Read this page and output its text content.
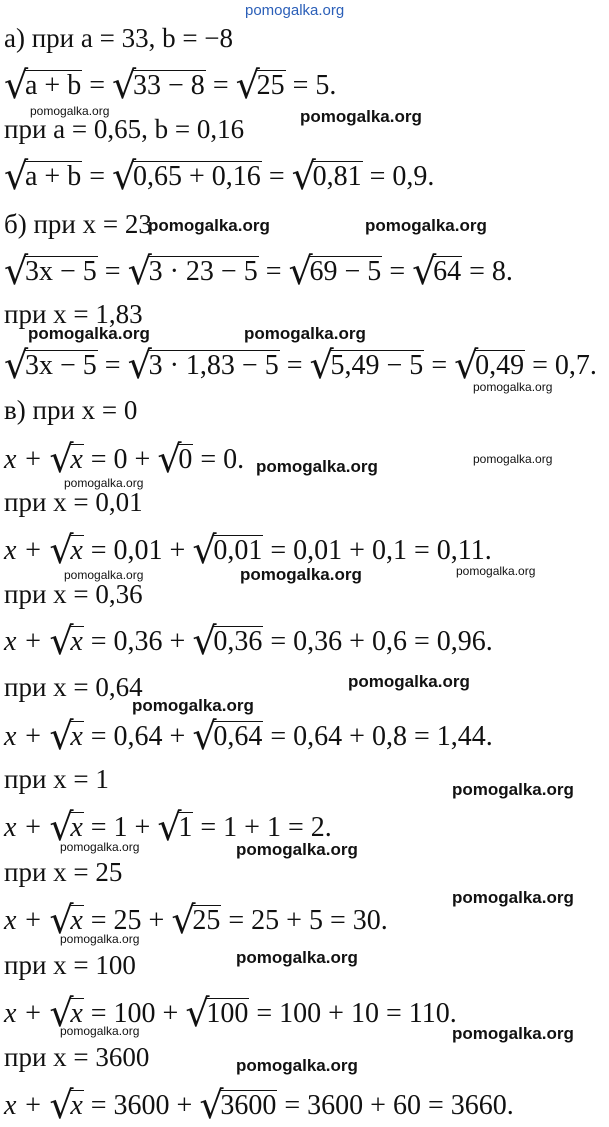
pomogalka.org
а) при a = 33, b = −8
√ a + b = √ 33 − 8 = √ 25 = 5.
при a = 0,65, b = 0,16
√ a + b = √ 0,65 + 0,16 = √ 0,81 = 0,9.
б) при x = 23
√ 3x − 5 = √ 3 · 23 − 5 = √ 69 − 5 = √ 64 = 8.
при x = 1,83
√ 3x − 5 = √ 3 · 1,83 − 5 = √ 5,49 − 5 = √ 0,49 = 0,7.
в) при x = 0
x + √ x = 0 + √ 0 = 0.
при x = 0,01
x + √ x = 0,01 + √ 0,01 = 0,01 + 0,1 = 0,11.
при x = 0,36
x + √ x = 0,36 + √ 0,36 = 0,36 + 0,6 = 0,96.
при x = 0,64
x + √ x = 0,64 + √ 0,64 = 0,64 + 0,8 = 1,44.
при x = 1
x + √ x = 1 + √ 1 = 1 + 1 = 2.
при x = 25
x + √ x = 25 + √ 25 = 25 + 5 = 30.
при x = 100
x + √ x = 100 + √ 100 = 100 + 10 = 110.
при x = 3600
x + √ x = 3600 + √ 3600 = 3600 + 60 = 3660.
pomogalka.org	pomogalka.org
pomogalka.org	pomogalka.org
pomogalka.org	pomogalka.org
pomogalka.org
pomogalka.org	pomogalka.org
pomogalka.org
pomogalka.org	pomogalka.org	pomogalka.org
pomogalka.org
pomogalka.org
pomogalka.org
pomogalka.org	pomogalka.org
pomogalka.org
pomogalka.org
pomogalka.org
pomogalka.org	pomogalka.org
pomogalka.org
